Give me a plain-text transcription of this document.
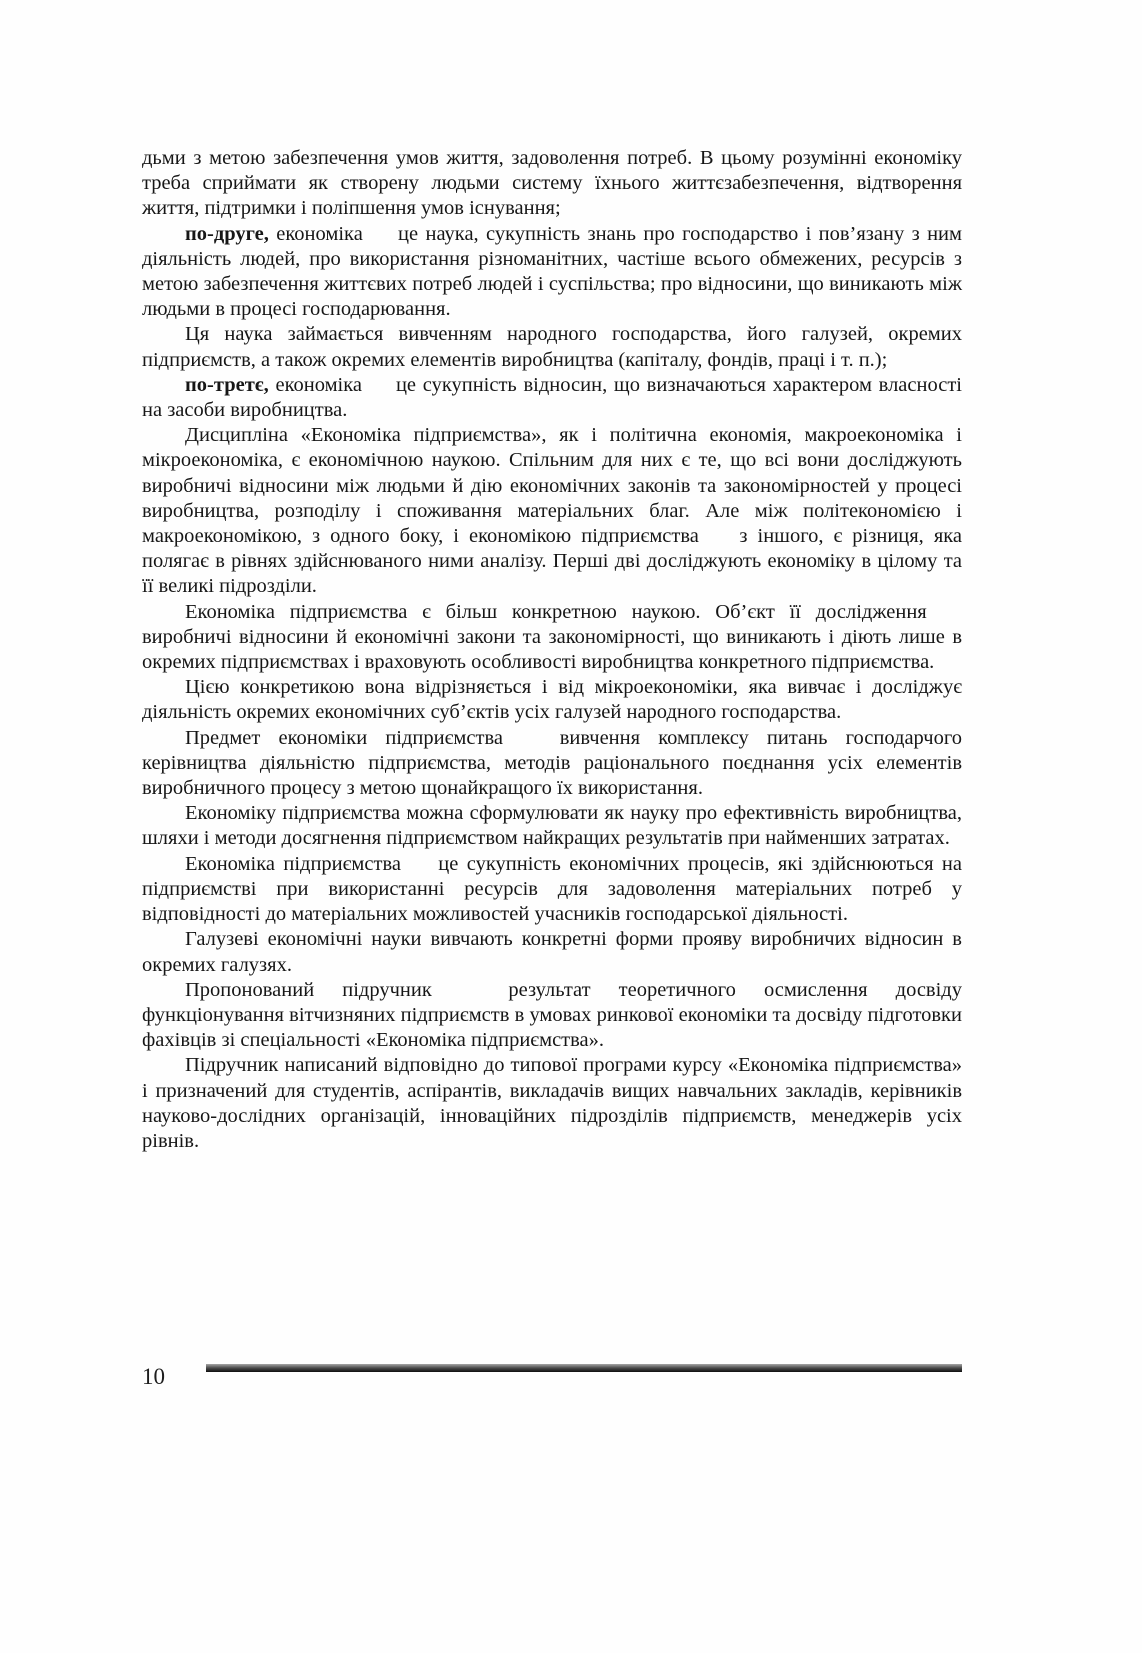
дьми з метою забезпечення умов життя, задоволення потреб. В цьому розумінні економіку треба сприймати як створену людьми систему їхнього життєзабезпечення, відтворення життя, підтримки і поліпшення умов існування;

по-друге, економіка   це наука, сукупність знань про господарство і пов’язану з ним діяльність людей, про використання різноманітних, частіше всього обмежених, ресурсів з метою забезпечення життєвих потреб людей і суспільства; про відносини, що виникають між людьми в процесі господарювання.

Ця наука займається вивченням народного господарства, його галузей, окремих підприємств, а також окремих елементів виробництва (капіталу, фондів, праці і т. п.);

по-третє, економіка   це сукупність відносин, що визначаються характером власності на засоби виробництва.

Дисципліна «Економіка підприємства», як і політична економія, макроекономіка і мікроекономіка, є економічною наукою. Спільним для них є те, що всі вони досліджують виробничі відносини між людьми й дію економічних законів та закономірностей у процесі виробництва, розподілу і споживання матеріальних благ. Але між політекономією і макроекономікою, з одного боку, і економікою підприємства   з іншого, є різниця, яка полягає в рівнях здійснюваного ними аналізу. Перші дві досліджують економіку в цілому та її великі підрозділи.

Економіка підприємства є більш конкретною наукою. Об’єкт її дослідження   виробничі відносини й економічні закони та закономірності, що виникають і діють лише в окремих підприємствах і враховують особливості виробництва конкретного підприємства.

Цією конкретикою вона відрізняється і від мікроекономіки, яка вивчає і досліджує діяльність окремих економічних суб’єктів усіх галузей народного господарства.

Предмет економіки підприємства   вивчення комплексу питань господарчого керівництва діяльністю підприємства, методів раціонального поєднання усіх елементів виробничного процесу з метою щонайкращого їх використання.

Економіку підприємства можна сформулювати як науку про ефективність виробництва, шляхи і методи досягнення підприємством найкращих результатів при найменших затратах.

Економіка підприємства   це сукупність економічних процесів, які здійснюються на підприємстві при використанні ресурсів для задоволення матеріальних потреб у відповідності до матеріальних можливостей учасників господарської діяльності.

Галузеві економічні науки вивчають конкретні форми прояву виробничих відносин в окремих галузях.

Пропонований підручник   результат теоретичного осмислення досвіду функціонування вітчизняних підприємств в умовах ринкової економіки та досвіду підготовки фахівців зі спеціальності «Економіка підприємства».

Підручник написаний відповідно до типової програми курсу «Економіка підприємства» і призначений для студентів, аспірантів, викладачів вищих навчальних закладів, керівників науково-дослідних організацій, інноваційних підрозділів підприємств, менеджерів усіх рівнів.

10
